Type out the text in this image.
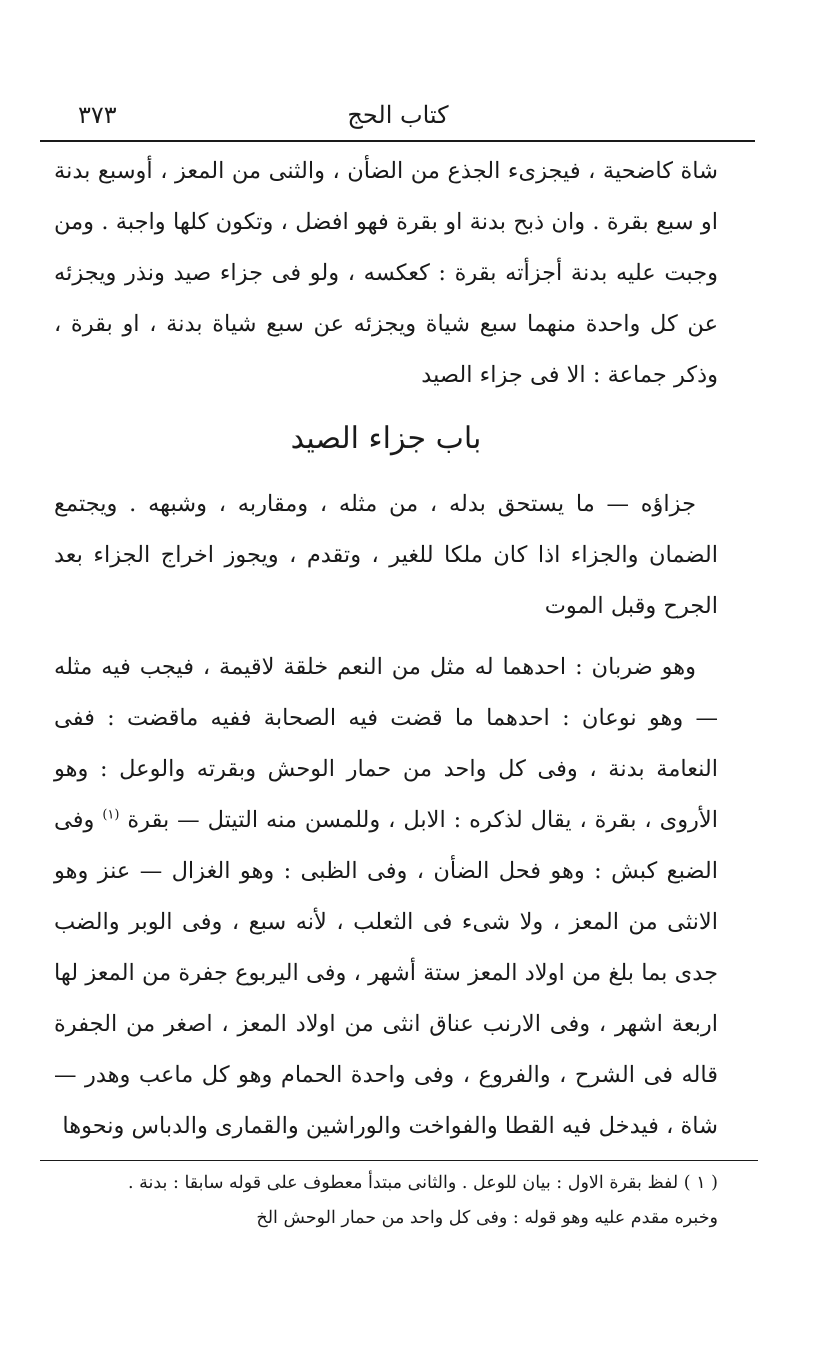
كتاب الحج
٣٧٣

شاة كاضحية ، فيجزىء الجذع من الضأن ، والثنى من المعز ، أوسبع بدنة او سبع بقرة . وان ذبح بدنة او بقرة فهو افضل ، وتكون كلها واجبة . ومن وجبت عليه بدنة أجزأته بقرة : كعكسه ، ولو فى جزاء صيد ونذر ويجزئه عن كل واحدة منهما سبع شياة ويجزئه عن سبع شياة بدنة ، او بقرة ، وذكر جماعة : الا فى جزاء الصيد

باب جزاء الصيد

جزاؤه — ما يستحق بدله ، من مثله ، ومقاربه ، وشبهه . ويجتمع الضمان والجزاء اذا كان ملكا للغير ، وتقدم ، ويجوز اخراج الجزاء بعد الجرح وقبل الموت

وهو ضربان : احدهما له مثل من النعم خلقة لاقيمة ، فيجب فيه مثله — وهو نوعان : احدهما ما قضت فيه الصحابة ففيه ماقضت : ففى النعامة بدنة ، وفى كل واحد من حمار الوحش وبقرته والوعل : وهو الأروى ، بقرة ، يقال لذكره : الابل ، وللمسن منه التيتل — بقرة $^{(١)}$ وفى الضبع كبش : وهو فحل الضأن ، وفى الظبى : وهو الغزال — عنز وهو الانثى من المعز ، ولا شىء فى الثعلب ، لأنه سبع ، وفى الوبر والضب جدى بما بلغ من اولاد المعز ستة أشهر ، وفى اليربوع جفرة من المعز لها اربعة اشهر ، وفى الارنب عناق انثى من اولاد المعز ، اصغر من الجفرة قاله فى الشرح ، والفروع ، وفى واحدة الحمام وهو كل ماعب وهدر — شاة ، فيدخل فيه القطا والفواخت والوراشين والقمارى والدباس ونحوها

( ١ ) لفظ بقرة الاول : بيان للوعل . والثانى مبتدأ معطوف على قوله سابقا : بدنة .

وخبره مقدم عليه وهو قوله : وفى كل واحد من حمار الوحش الخ
